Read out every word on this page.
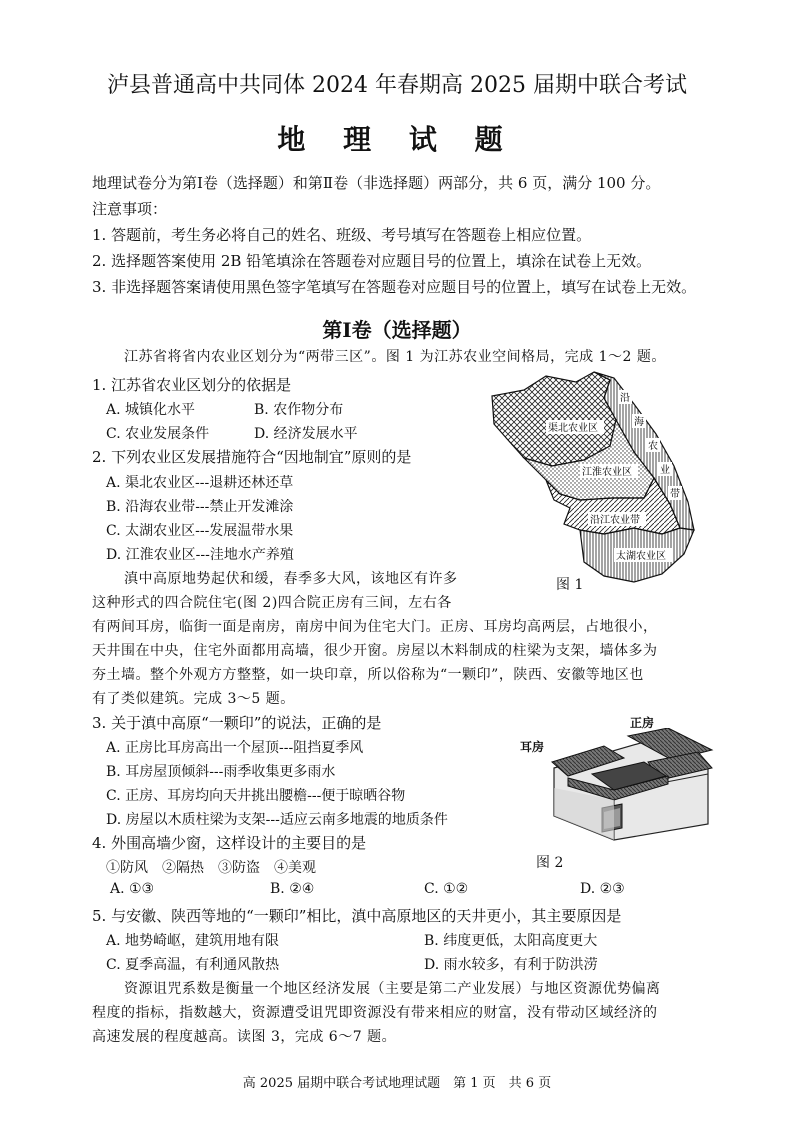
泸县普通高中共同体 2024 年春期高 2025 届期中联合考试
地 理 试 题
地理试卷分为第Ⅰ卷（选择题）和第Ⅱ卷（非选择题）两部分，共 6 页，满分 100 分。
注意事项：
1. 答题前，考生务必将自己的姓名、班级、考号填写在答题卷上相应位置。
2. 选择题答案使用 2B 铅笔填涂在答题卷对应题目号的位置上，填涂在试卷上无效。
3. 非选择题答案请使用黑色签字笔填写在答题卷对应题目号的位置上，填写在试卷上无效。
第Ⅰ卷（选择题）
江苏省将省内农业区划分为“两带三区”。图 1 为江苏农业空间格局，完成 1～2 题。
1. 江苏省农业区划分的依据是
A. 城镇化水平	B. 农作物分布
C. 农业发展条件	D. 经济发展水平
2. 下列农业区发展措施符合“因地制宜”原则的是
A. 渠北农业区---退耕还林还草
B. 沿海农业带---禁止开发滩涂
C. 太湖农业区---发展温带水果
D. 江淮农业区---洼地水产养殖
渠北农业区
江淮农业区
沿江农业带
太湖农业区
沿
海
农
业
带
图 1
滇中高原地势起伏和缓，春季多大风，该地区有许多
这种形式的四合院住宅(图 2)四合院正房有三间，左右各
有两间耳房，临街一面是南房，南房中间为住宅大门。正房、耳房均高两层，占地很小，
天井围在中央，住宅外面都用高墙，很少开窗。房屋以木料制成的柱梁为支架，墙体多为
夯土墙。整个外观方方整整，如一块印章，所以俗称为“一颗印”，陕西、安徽等地区也
有了类似建筑。完成 3～5 题。
正房
耳房
图 2
3. 关于滇中高原“一颗印”的说法，正确的是
A. 正房比耳房高出一个屋顶---阻挡夏季风
B. 耳房屋顶倾斜---雨季收集更多雨水
C. 正房、耳房均向天井挑出腰檐---便于晾晒谷物
D. 房屋以木质柱梁为支架---适应云南多地震的地质条件
4. 外围高墙少窗，这样设计的主要目的是
①防风　②隔热　③防盗　④美观
A. ①③	B. ②④	C. ①②	D. ②③
5. 与安徽、陕西等地的“一颗印”相比，滇中高原地区的天井更小，其主要原因是
A. 地势崎岖，建筑用地有限	B. 纬度更低，太阳高度更大
C. 夏季高温，有利通风散热	D. 雨水较多，有利于防洪涝
资源诅咒系数是衡量一个地区经济发展（主要是第二产业发展）与地区资源优势偏离
程度的指标，指数越大，资源遭受诅咒即资源没有带来相应的财富，没有带动区域经济的
高速发展的程度越高。读图 3，完成 6～7 题。
高 2025 届期中联合考试地理试题　第 1 页　共 6 页
